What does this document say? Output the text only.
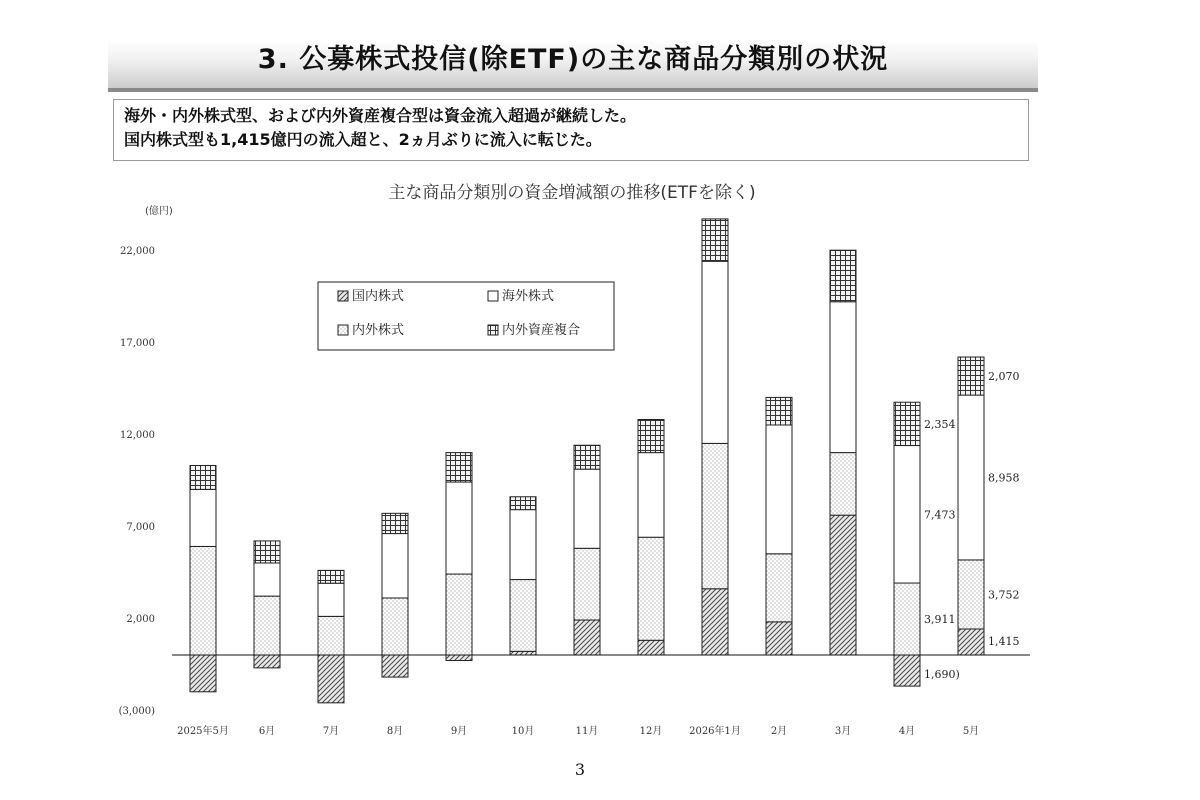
3. 公募株式投信(除ETF)の主な商品分類別の状況
海外・内外株式型、および内外資産複合型は資金流入超過が継続した。
国内株式型も1,415億円の流入超と、2ヵ月ぶりに流入に転じた。
主な商品分類別の資金増減額の推移(ETFを除く)
(億円)
22,000
17,000
12,000
7,000
2,000
(3,000)
2025年5月	6月	7月	8月	9月	10月	11月	12月	2026年1月	2月	3月	4月	5月
国内株式	海外株式
内外株式	内外資産複合
2,354
7,473
3,911
1,690)
2,070
8,958
3,752
1,415
3
